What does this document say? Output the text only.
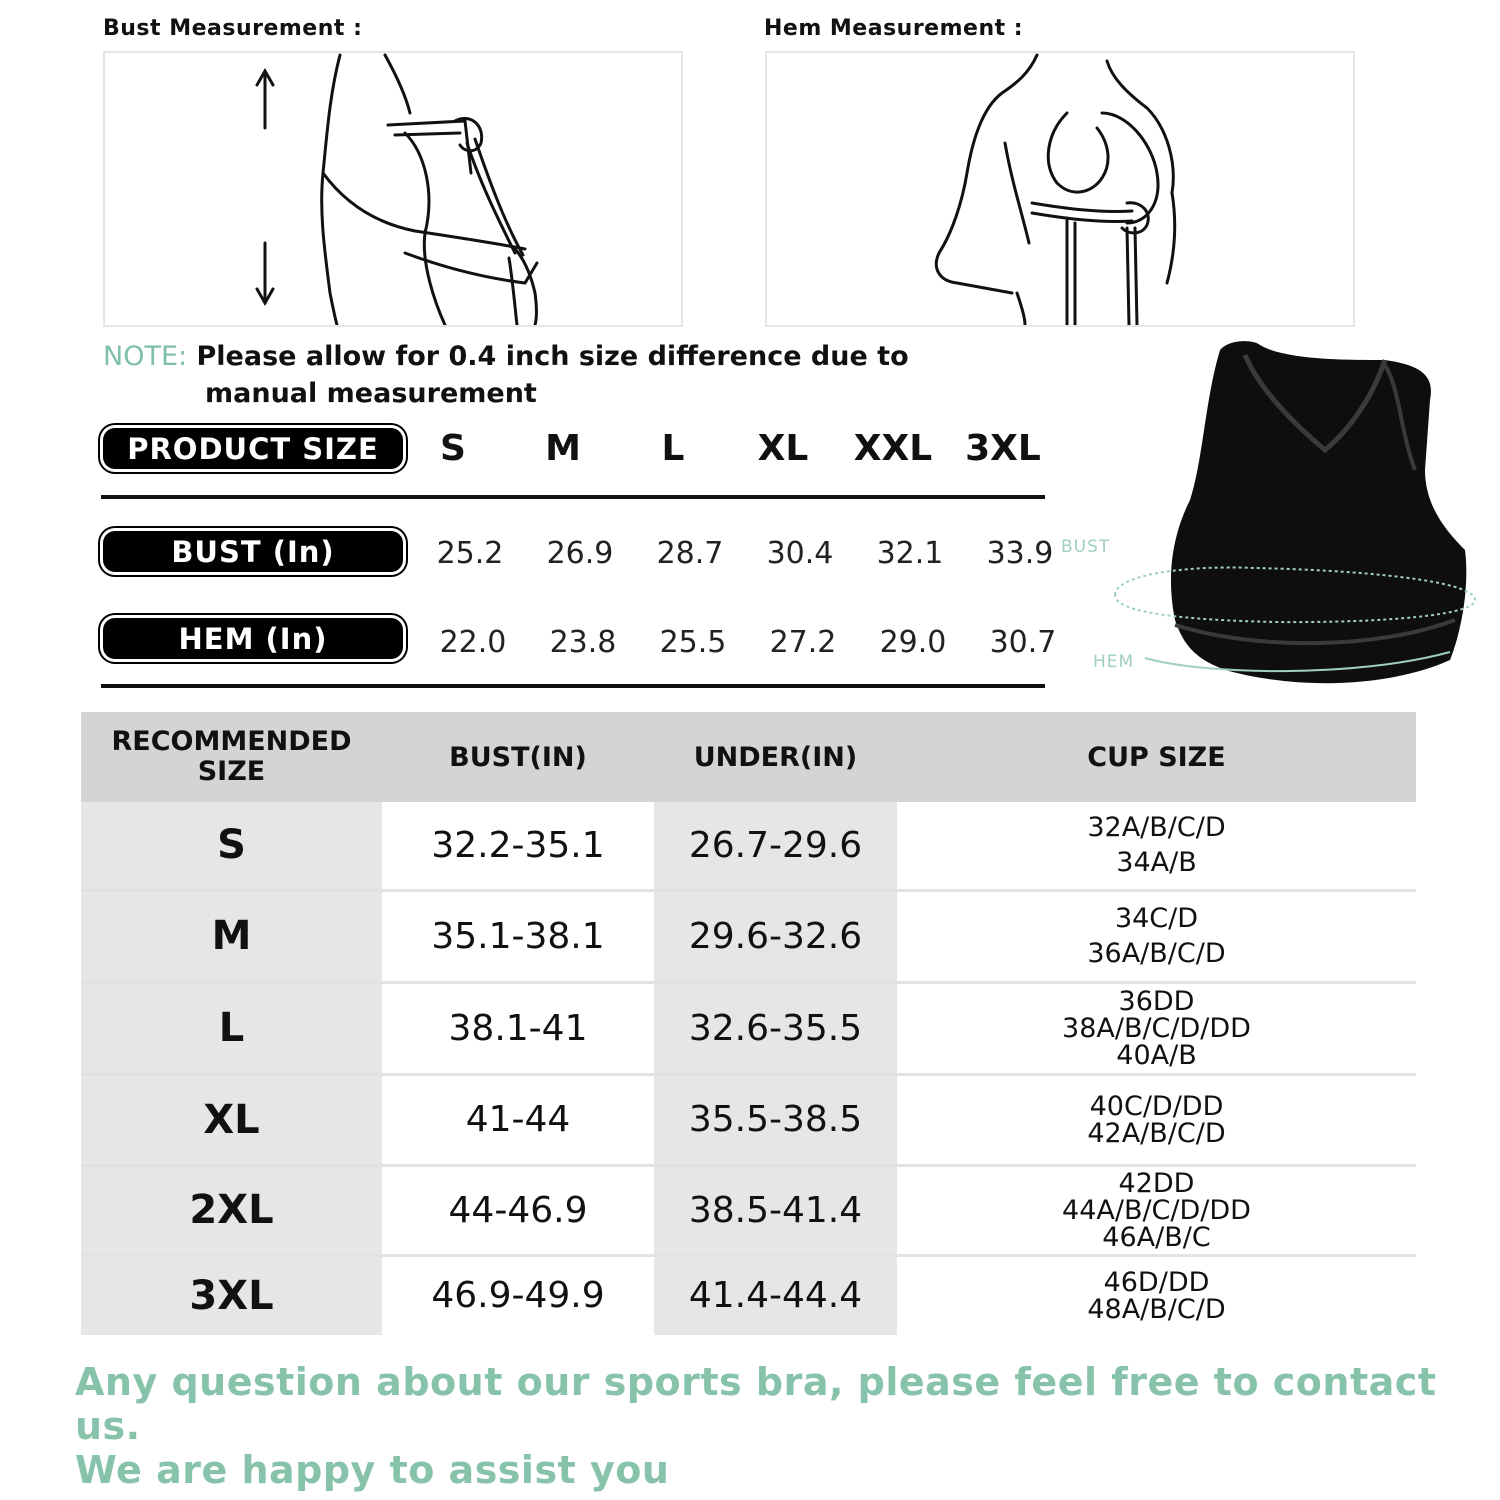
Bust Measurement :	Hem Measurement :
NOTE: Please allow for 0.4 inch size difference due to
manual measurement
PRODUCT SIZE	S	M	L	XL	XXL 3XL
BUST (In)	25.2	26.9	28.7	30.4	32.1	33.9
HEM (In)	22.0	23.8	25.5	27.2	29.0	30.7
BUST
HEM
RECOMMENDED SIZE	BUST(IN)	UNDER(IN)	CUP SIZE
S	32.2-35.1	26.7-29.6	32A/B/C/D
34A/B

M	35.1-38.1	29.6-32.6	34C/D
36A/B/C/D

L	38.1-41	32.6-35.5	36DD
38A/B/C/D/DD
40A/B

XL	41-44	35.5-38.5	40C/D/DD
42A/B/C/D

2XL	44-46.9	38.5-41.4	42DD
44A/B/C/D/DD
46A/B/C

3XL	46.9-49.9	41.4-44.4	46D/DD
48A/B/C/D
Any question about our sports bra, please feel free to contact us.
We are happy to assist you
